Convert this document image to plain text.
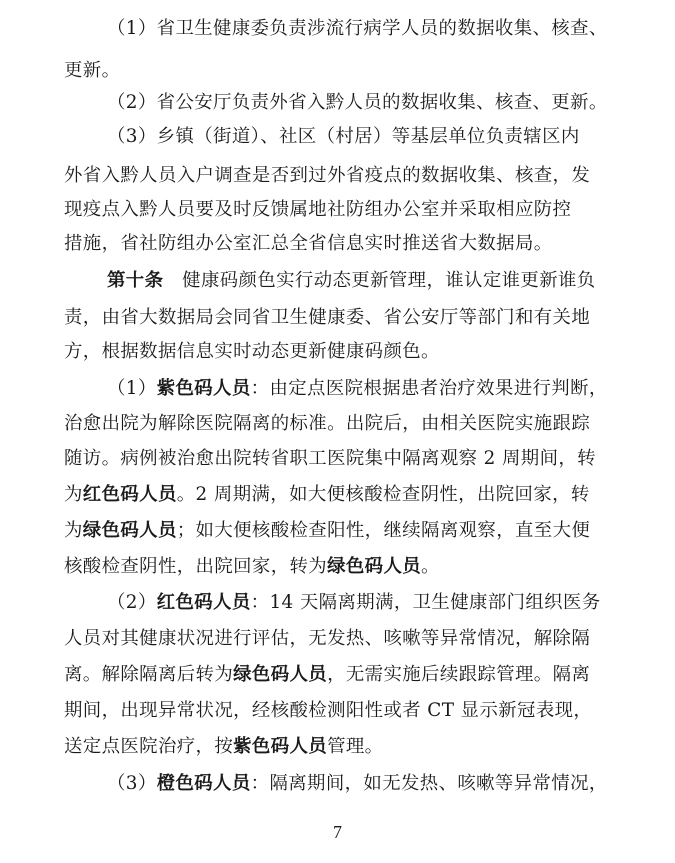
（1）省卫生健康委负责涉流行病学人员的数据收集、核查、
更新。
（2）省公安厅负责外省入黔人员的数据收集、核查、更新。
（3）乡镇（街道）、社区（村居）等基层单位负责辖区内
外省入黔人员入户调查是否到过外省疫点的数据收集、核查，发
现疫点入黔人员要及时反馈属地社防组办公室并采取相应防控
措施，省社防组办公室汇总全省信息实时推送省大数据局。
第十条　健康码颜色实行动态更新管理，谁认定谁更新谁负
责，由省大数据局会同省卫生健康委、省公安厅等部门和有关地
方，根据数据信息实时动态更新健康码颜色。
（1）紫色码人员：由定点医院根据患者治疗效果进行判断，
治愈出院为解除医院隔离的标准。出院后，由相关医院实施跟踪
随访。病例被治愈出院转省职工医院集中隔离观察 2 周期间，转
为红色码人员。2 周期满，如大便核酸检查阴性，出院回家，转
为绿色码人员；如大便核酸检查阳性，继续隔离观察，直至大便
核酸检查阴性，出院回家，转为绿色码人员。
（2）红色码人员：14 天隔离期满，卫生健康部门组织医务
人员对其健康状况进行评估，无发热、咳嗽等异常情况，解除隔
离。解除隔离后转为绿色码人员，无需实施后续跟踪管理。隔离
期间，出现异常状况，经核酸检测阳性或者 CT 显示新冠表现，
送定点医院治疗，按紫色码人员管理。
（3）橙色码人员：隔离期间，如无发热、咳嗽等异常情况，
7
